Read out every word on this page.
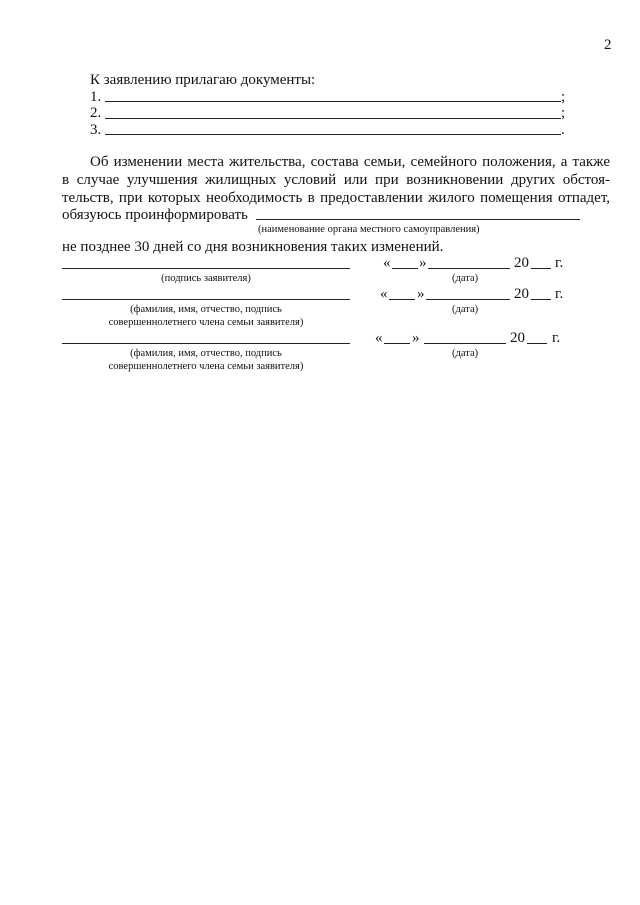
2
К заявлению прилагаю документы:
1.	;
2.	;
3.	.
Об изменении места жительства, состава семьи, семейного положения, а также
в случае улучшения жилищных условий или при возникновении других обстоя-
тельств, при которых необходимость в предоставлении жилого помещения отпадет,
обязуюсь проинформировать
(наименование органа местного самоуправления)
не позднее 30 дней со дня возникновения таких изменений.
(подпись заявителя)
« »	20 г.
(дата)
(фамилия, имя, отчество, подпись
совершеннолетнего члена семьи заявителя)
« »	20 г.
(дата)
(фамилия, имя, отчество, подпись
совершеннолетнего члена семьи заявителя)
« »	20 г.
(дата)
